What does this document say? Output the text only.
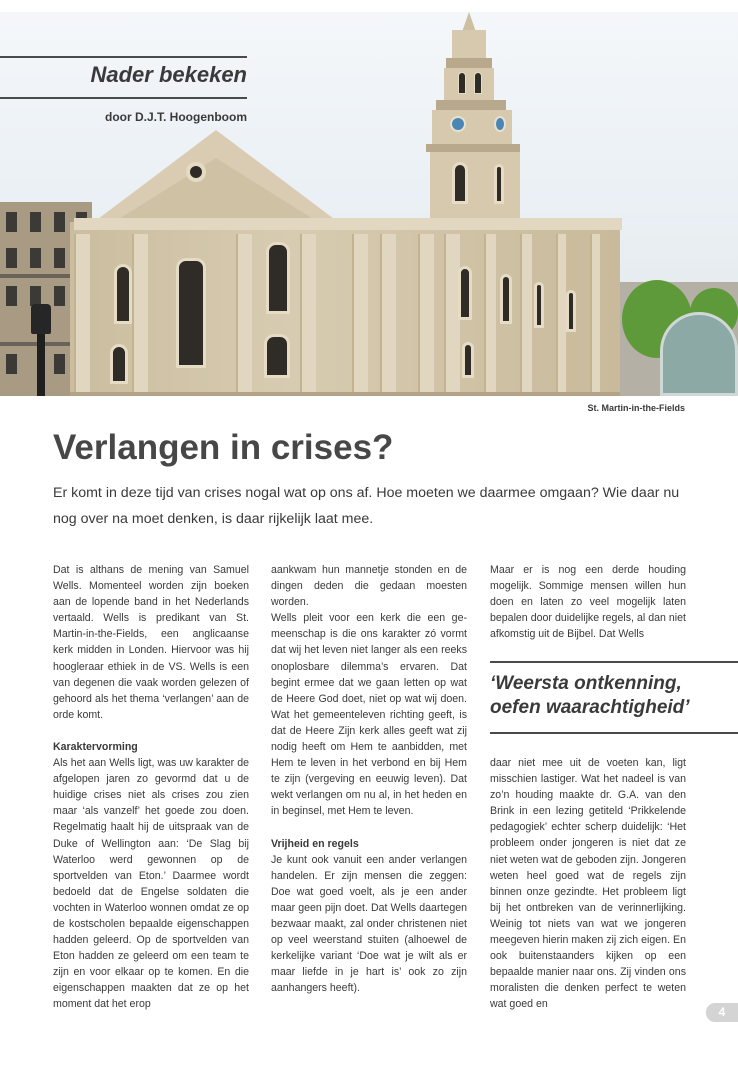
Nader bekeken
door D.J.T. Hoogenboom
St. Martin-in-the-Fields
Verlangen in crises?

Er komt in deze tijd van crises nogal wat op ons af. Hoe moeten we daarmee omgaan? Wie daar nu nog over na moet denken, is daar rijkelijk laat mee.

Dat is althans de mening van Samuel Wells. Momenteel worden zijn boeken aan de lopende band in het Nederlands vertaald. Wells is predikant van St. Martin-in-the-Fields, een anglicaanse kerk midden in Londen. Hiervoor was hij hoogleraar ethiek in de VS. Wells is een van degenen die vaak worden gelezen of gehoord als het thema ‘verlangen’ aan de orde komt.

Karaktervorming

Als het aan Wells ligt, was uw karakter de afgelopen jaren zo gevormd dat u de huidige crises niet als crises zou zien maar ‘als vanzelf’ het goede zou doen. Regelmatig haalt hij de uitspraak van de Duke of Wellington aan: ‘De Slag bij Waterloo werd gewonnen op de sportvelden van Eton.’ Daarmee wordt bedoeld dat de Engelse soldaten die vochten in Waterloo wonnen omdat ze op de kostscholen bepaalde eigenschappen hadden geleerd. Op de sportvelden van Eton hadden ze geleerd om een team te zijn en voor elkaar op te komen. En die eigenschappen maakten dat ze op het moment dat het erop

aankwam hun mannetje stonden en de dingen deden die gedaan moesten worden.

Wells pleit voor een kerk die een ge-meenschap is die ons karakter zó vormt dat wij het leven niet langer als een reeks onoplosbare dilemma’s ervaren. Dat begint ermee dat we gaan letten op wat de Heere God doet, niet op wat wij doen. Wat het gemeenteleven richting geeft, is dat de Heere Zijn kerk alles geeft wat zij nodig heeft om Hem te aanbidden, met Hem te leven in het verbond en bij Hem te zijn (vergeving en eeuwig leven). Dat wekt verlangen om nu al, in het heden en in beginsel, met Hem te leven.

Vrijheid en regels

Je kunt ook vanuit een ander verlangen handelen. Er zijn mensen die zeggen: Doe wat goed voelt, als je een ander maar geen pijn doet. Dat Wells daartegen bezwaar maakt, zal onder christenen niet op veel weerstand stuiten (alhoewel de kerkelijke variant ‘Doe wat je wilt als er maar liefde in je hart is’ ook zo zijn aanhangers heeft).

Maar er is nog een derde houding mogelijk. Sommige mensen willen hun doen en laten zo veel mogelijk laten bepalen door duidelijke regels, al dan niet afkomstig uit de Bijbel. Dat Wells

‘Weersta ontkenning, oefen waarachtigheid’

daar niet mee uit de voeten kan, ligt misschien lastiger. Wat het nadeel is van zo’n houding maakte dr. G.A. van den Brink in een lezing getiteld ‘Prikkelende pedagogiek’ echter scherp duidelijk: ‘Het probleem onder jongeren is niet dat ze niet weten wat de geboden zijn. Jongeren weten heel goed wat de regels zijn binnen onze gezindte. Het probleem ligt bij het ontbreken van de verinnerlijking. Weinig tot niets van wat we jongeren meegeven hierin maken zij zich eigen. En ook buitenstaanders kijken op een bepaalde manier naar ons. Zij vinden ons moralisten die denken perfect te weten wat goed en

4
